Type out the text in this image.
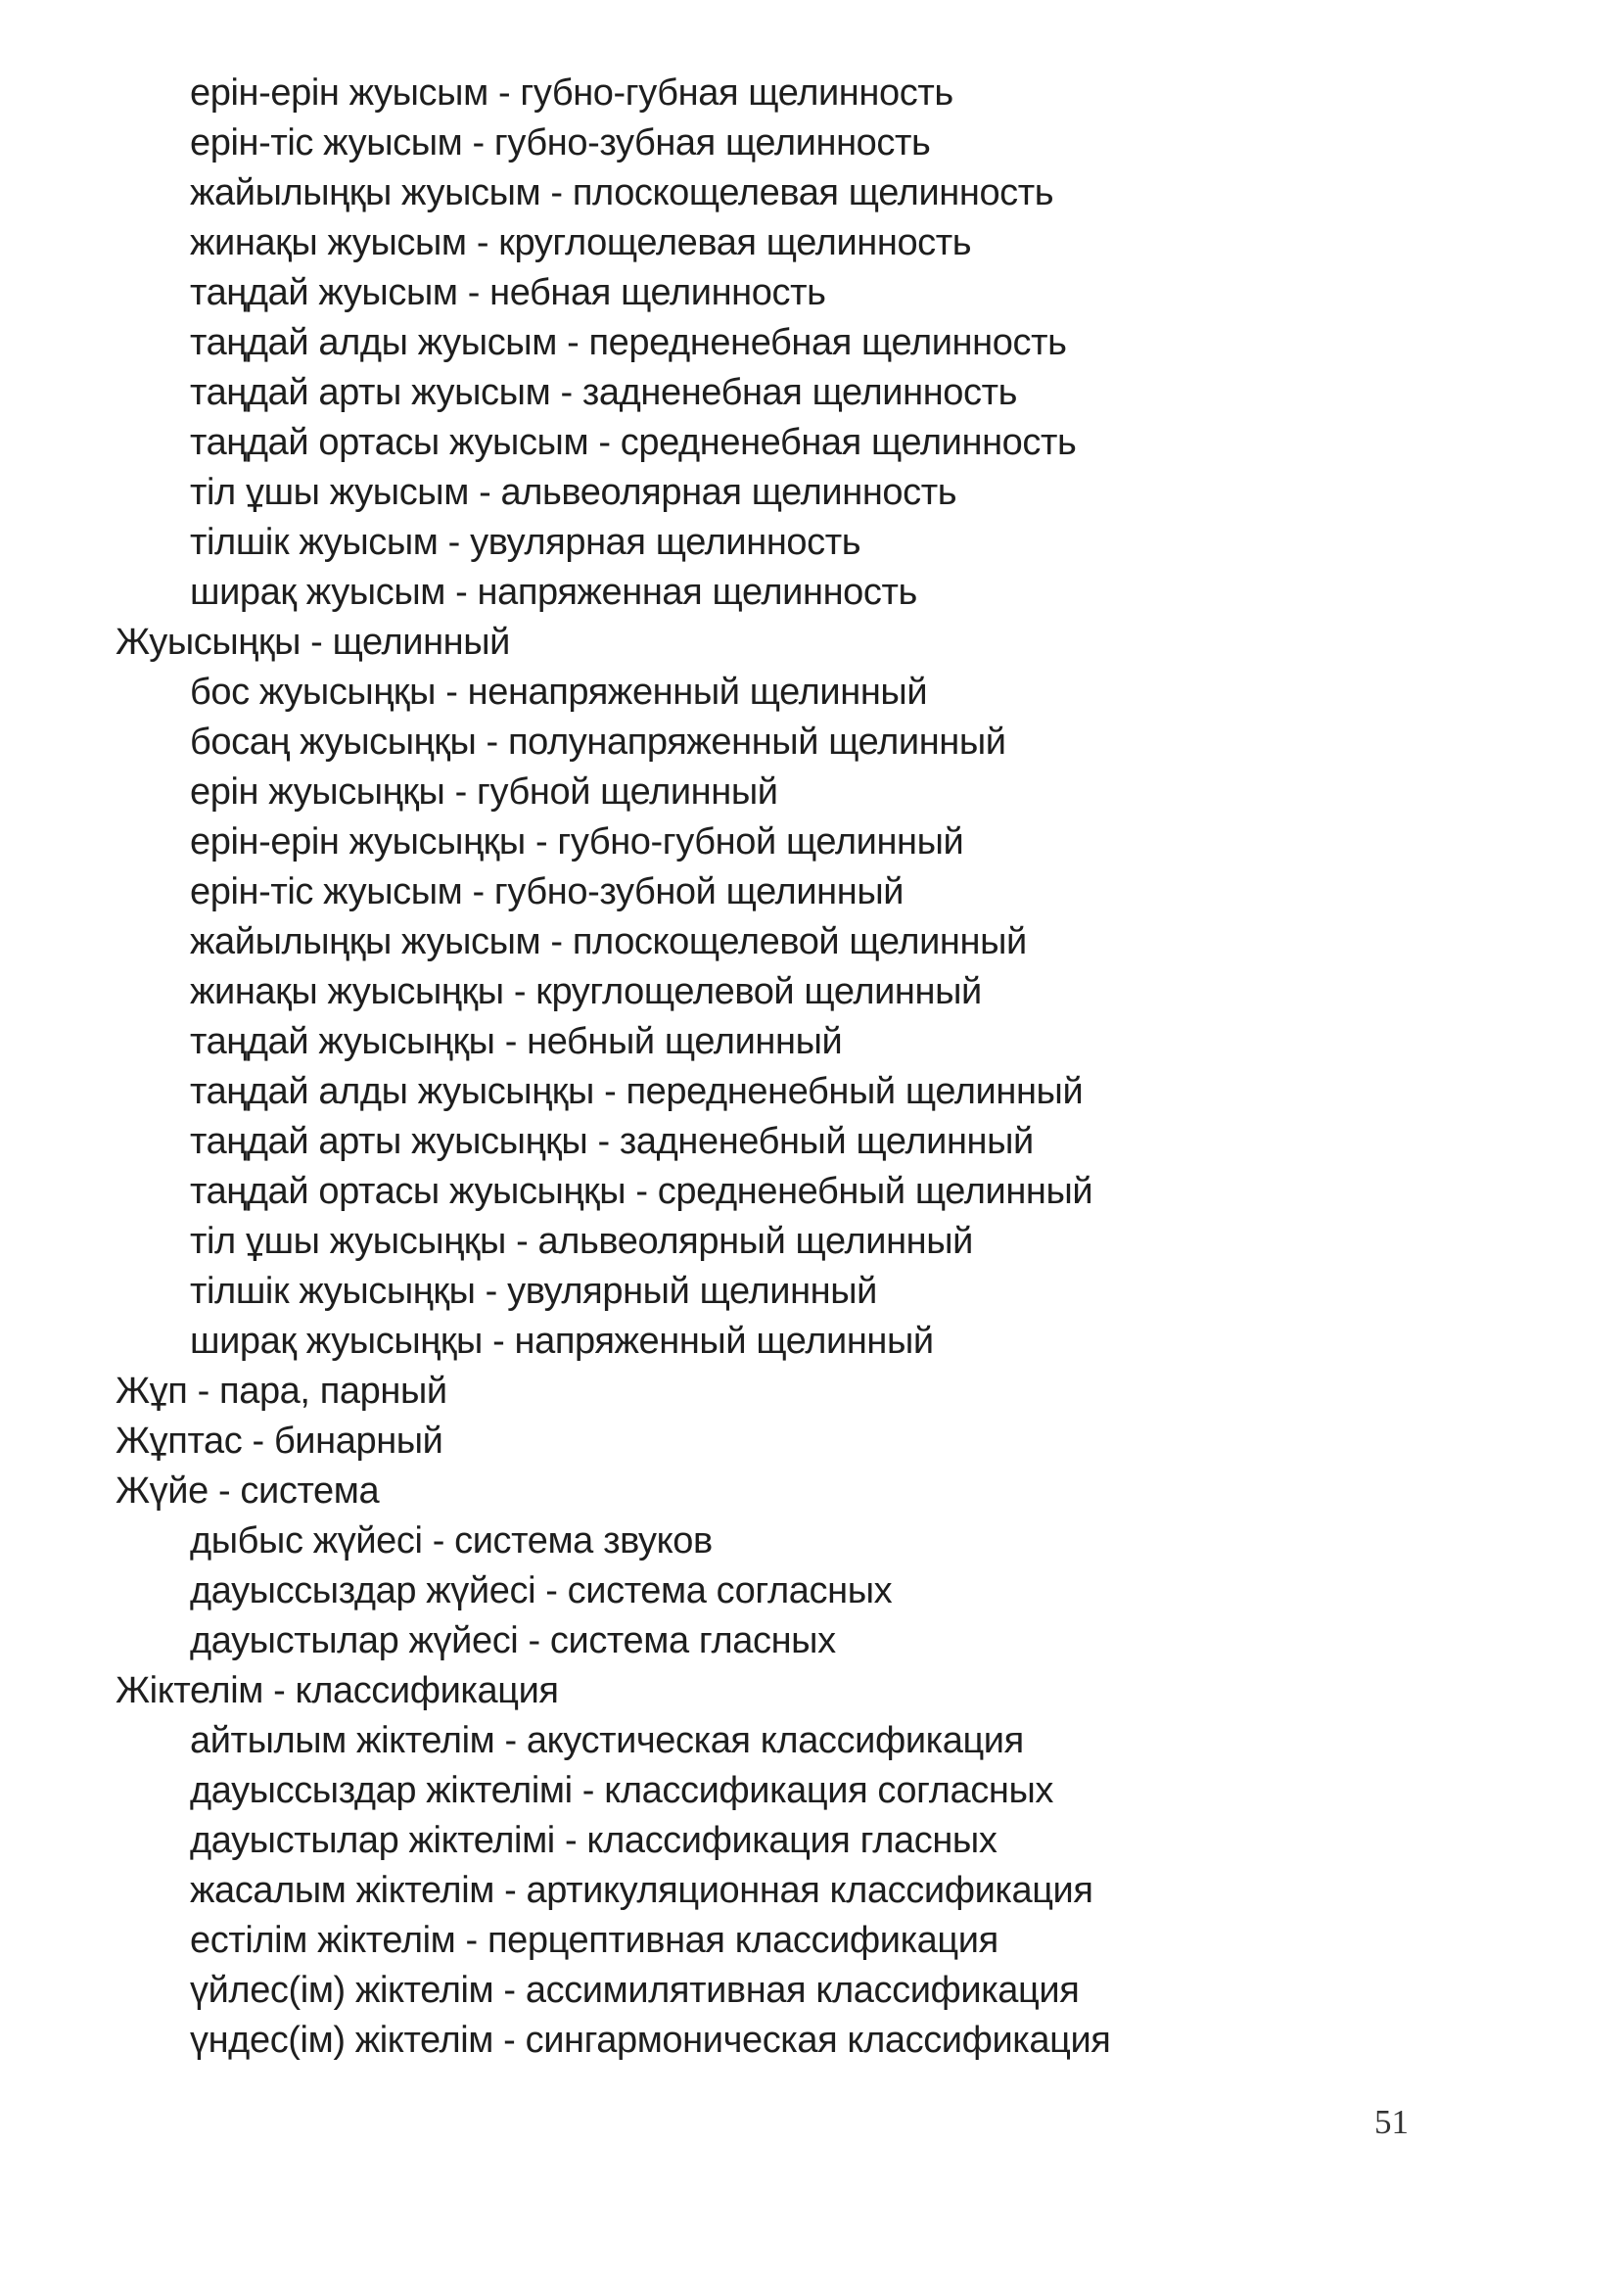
ерін-ерін жуысым - губно-губная щелинность
ерін-тіс жуысым - губно-зубная щелинность
жайылыңқы жуысым - плоскощелевая щелинность
жинақы жуысым - круглощелевая щелинность
таңдай жуысым - небная щелинность
таңдай алды жуысым - передненебная щелинность
таңдай арты жуысым - задненебная щелинность
таңдай ортасы жуысым - средненебная щелинность
тіл ұшы жуысым - альвеолярная щелинность
тілшік жуысым - увулярная щелинность
ширақ жуысым - напряженная щелинность
Жуысыңқы - щелинный
бос жуысыңқы - ненапряженный щелинный
босаң жуысыңқы - полунапряженный щелинный
ерін жуысыңқы - губной щелинный
ерін-ерін жуысыңқы - губно-губной щелинный
ерін-тіс жуысым - губно-зубной щелинный
жайылыңқы жуысым - плоскощелевой щелинный
жинақы жуысыңқы - круглощелевой щелинный
таңдай жуысыңқы - небный щелинный
таңдай алды жуысыңқы - передненебный щелинный
таңдай арты жуысыңқы - задненебный щелинный
таңдай ортасы жуысыңқы - средненебный щелинный
тіл ұшы жуысыңқы - альвеолярный щелинный
тілшік жуысыңқы - увулярный щелинный
ширақ жуысыңқы - напряженный щелинный
Жұп - пара, парный
Жұптас - бинарный
Жүйе - система
дыбыс жүйесі - система звуков
дауыссыздар жүйесі - система согласных
дауыстылар жүйесі - система гласных
Жіктелім - классификация
айтылым жіктелім - акустическая классификация
дауыссыздар жіктелімі - классификация согласных
дауыстылар жіктелімі - классификация гласных
жасалым жіктелім - артикуляционная классификация
естілім жіктелім - перцептивная классификация
үйлес(ім) жіктелім - ассимилятивная классификация
үндес(ім) жіктелім - сингармоническая классификация
51
